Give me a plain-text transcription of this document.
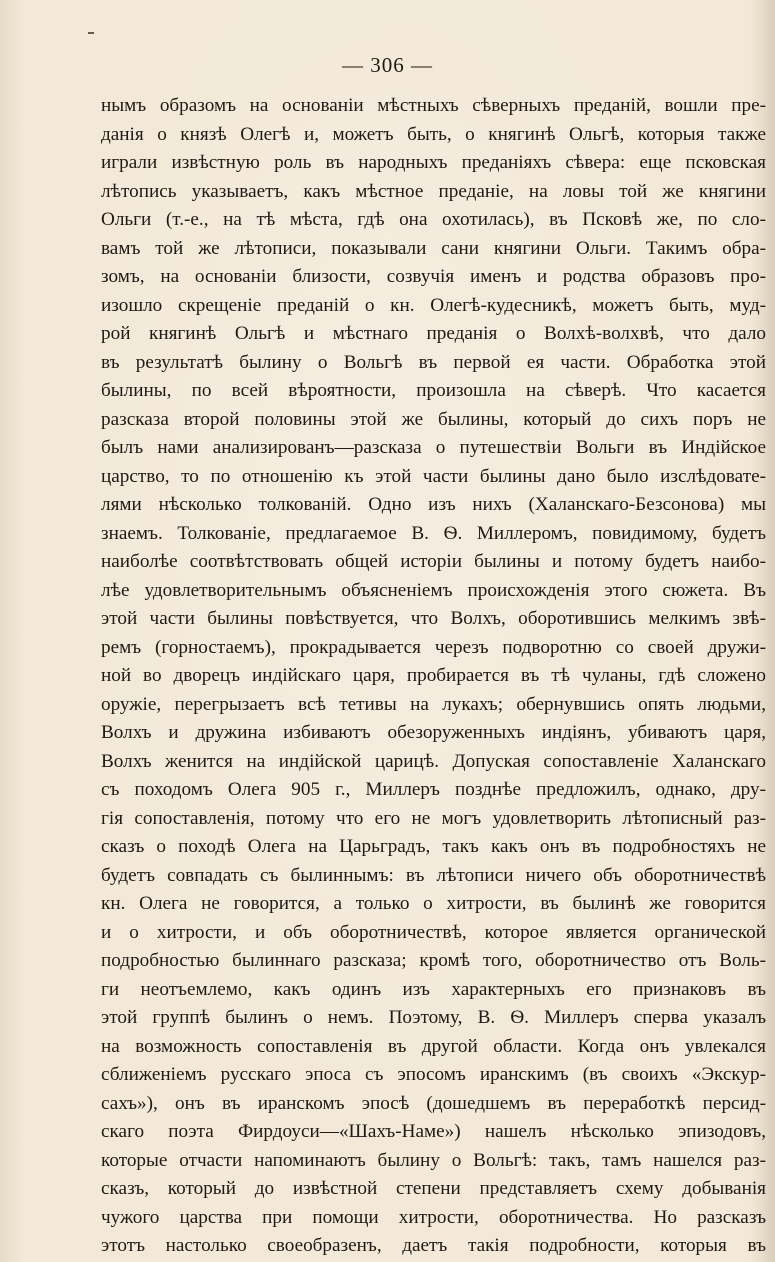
— 306 —
нымъ образомъ на основаніи мѣстныхъ сѣверныхъ преданій, вошли пре-
данія о князѣ Олегѣ и, можетъ быть, о княгинѣ Ольгѣ, которыя также
играли извѣстную роль въ народныхъ преданіяхъ сѣвера: еще псковская
лѣтопись указываетъ, какъ мѣстное преданіе, на ловы той же княгини
Ольги (т.-е., на тѣ мѣста, гдѣ она охотилась), въ Псковѣ же, по сло-
вамъ той же лѣтописи, показывали сани княгини Ольги. Такимъ обра-
зомъ, на основаніи близости, созвучія именъ и родства образовъ про-
изошло скрещеніе преданій о кн. Олегѣ-кудесникѣ, можетъ быть, муд-
рой княгинѣ Ольгѣ и мѣстнаго преданія о Волхѣ-волхвѣ, что дало
въ результатѣ былину о Вольгѣ въ первой ея части. Обработка этой
былины, по всей вѣроятности, произошла на сѣверѣ. Что касается
разсказа второй половины этой же былины, который до сихъ поръ не
былъ нами анализированъ—разсказа о путешествіи Вольги въ Индійское
царство, то по отношенію къ этой части былины дано было изслѣдовате-
лями нѣсколько толкованій. Одно изъ нихъ (Халанскаго-Безсонова) мы
знаемъ. Толкованіе, предлагаемое В. Ѳ. Миллеромъ, повидимому, будетъ
наиболѣе соотвѣтствовать общей исторіи былины и потому будетъ наибо-
лѣе удовлетворительнымъ объясненіемъ происхожденія этого сюжета. Въ
этой части былины повѣствуется, что Волхъ, оборотившись мелкимъ звѣ-
ремъ (горностаемъ), прокрадывается черезъ подворотню со своей дружи-
ной во дворецъ индійскаго царя, пробирается въ тѣ чуланы, гдѣ сложено
оружіе, перегрызаетъ всѣ тетивы на лукахъ; обернувшись опять людьми,
Волхъ и дружина избиваютъ обезоруженныхъ индіянъ, убиваютъ царя,
Волхъ женится на индійской царицѣ. Допуская сопоставленіе Халанскаго
съ походомъ Олега 905 г., Миллеръ позднѣе предложилъ, однако, дру-
гія сопоставленія, потому что его не могъ удовлетворить лѣтописный раз-
сказъ о походѣ Олега на Царьградъ, такъ какъ онъ въ подробностяхъ не
будетъ совпадать съ былиннымъ: въ лѣтописи ничего объ оборотничествѣ
кн. Олега не говорится, а только о хитрости, въ былинѣ же говорится
и о хитрости, и объ оборотничествѣ, которое является органической
подробностью былиннаго разсказа; кромѣ того, оборотничество отъ Воль-
ги неотъемлемо, какъ одинъ изъ характерныхъ его признаковъ въ
этой группѣ былинъ о немъ. Поэтому, В. Ѳ. Миллеръ сперва указалъ
на возможность сопоставленія въ другой области. Когда онъ увлекался
сближеніемъ русскаго эпоса съ эпосомъ иранскимъ (въ своихъ «Экскур-
сахъ»), онъ въ иранскомъ эпосѣ (дошедшемъ въ переработкѣ персид-
скаго поэта Фирдоуси—«Шахъ-Наме») нашелъ нѣсколько эпизодовъ,
которые отчасти напоминаютъ былину о Вольгѣ: такъ, тамъ нашелся раз-
сказъ, который до извѣстной степени представляетъ схему добыванія
чужого царства при помощи хитрости, оборотничества. Но разсказъ
этотъ настолько своеобразенъ, даетъ такія подробности, которыя въ
